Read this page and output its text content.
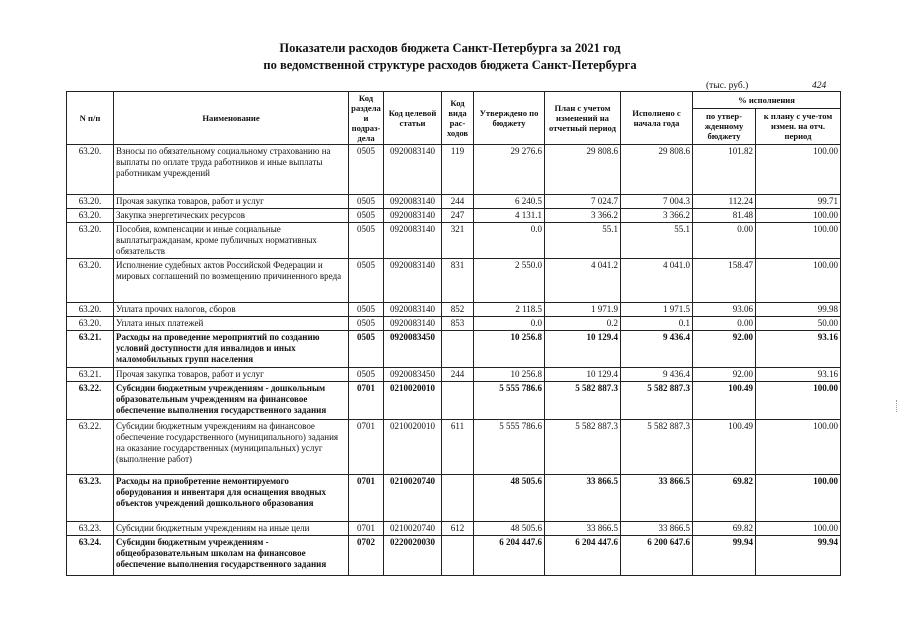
Показатели расходов бюджета Санкт-Петербурга за 2021 год
по ведомственной структуре расходов бюджета Санкт-Петербурга
(тыс. руб.)	424
N п/п	Наименование	Код раздела и подраз-дела	Код целевой статьи	Код вида рас-ходов	Утверждено по бюджету	План с учетом изменений на отчетный период	Исполнено с начала года	% исполнения	
								по утвер-жденному бюджету	к плану с уче-том измен. на отч. период
63.20.	Взносы по обязательному социальному страхованию на выплаты по оплате труда работников и иные выплаты работникам учреждений	0505	0920083140	119	29 276.6	29 808.6	29 808.6	101.82	100.00
63.20.	Прочая закупка товаров, работ и услуг	0505	0920083140	244	6 240.5	7 024.7	7 004.3	112.24	99.71
63.20.	Закупка энергетических ресурсов	0505	0920083140	247	4 131.1	3 366.2	3 366.2	81.48	100.00
63.20.	Пособия, компенсации и иные социальные выплатыгражданам, кроме публичных нормативных обязательств	0505	0920083140	321	0.0	55.1	55.1	0.00	100.00
63.20.	Исполнение судебных актов Российской Федерации и мировых соглашений по возмещению причиненного вреда	0505	0920083140	831	2 550.0	4 041.2	4 041.0	158.47	100.00
63.20.	Уплата прочих налогов, сборов	0505	0920083140	852	2 118.5	1 971.9	1 971.5	93.06	99.98
63.20.	Уплата иных платежей	0505	0920083140	853	0.0	0.2	0.1	0.00	50.00
63.21.	Расходы на проведение мероприятий по созданию условий доступности для инвалидов и иных маломобильных групп населения	0505	0920083450		10 256.8	10 129.4	9 436.4	92.00	93.16
63.21.	Прочая закупка товаров, работ и услуг	0505	0920083450	244	10 256.8	10 129.4	9 436.4	92.00	93.16
63.22.	Субсидии бюджетным учреждениям - дошкольным образовательным учреждениям на финансовое обеспечение выполнения государственного задания	0701	0210020010		5 555 786.6	5 582 887.3	5 582 887.3	100.49	100.00
63.22.	Субсидии бюджетным учреждениям на финансовое обеспечение государственного (муниципального) задания на оказание государственных (муниципальных) услуг (выполнение работ)	0701	0210020010	611	5 555 786.6	5 582 887.3	5 582 887.3	100.49	100.00
63.23.	Расходы на приобретение немонтируемого оборудования и инвентаря для оснащения вводных объектов учреждений дошкольного образования	0701	0210020740		48 505.6	33 866.5	33 866.5	69.82	100.00
63.23.	Субсидии бюджетным учреждениям на иные цели	0701	0210020740	612	48 505.6	33 866.5	33 866.5	69.82	100.00
63.24.	Субсидии бюджетным учреждениям - общеобразовательным школам на финансовое обеспечение выполнения государственного задания	0702	0220020030		6 204 447.6	6 204 447.6	6 200 647.6	99.94	99.94
